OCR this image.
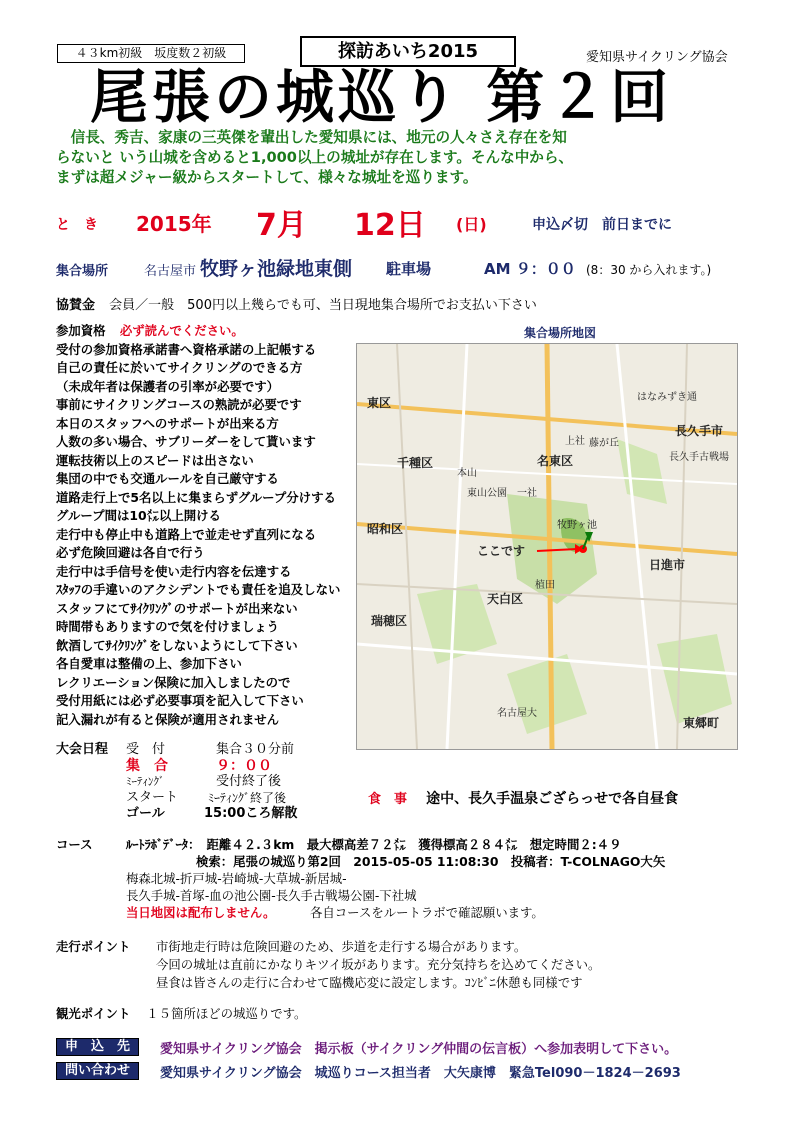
４３km初級　坂度数２初級	探訪あいち2015	愛知県サイクリング協会
尾張の城巡り 第２回
　信長、秀吉、家康の三英傑を輩出した愛知県には、地元の人々さえ存在を知
らないと いう山城を含めると1,000以上の城址が存在します。そんな中から、
まずは超メジャー級からスタートして、様々な城址を巡ります。
と　き 2015年 7月 12日 (日)	申込〆切　前日までに
集合場所	名古屋市 牧野ヶ池緑地東側 駐車場	AM ９：００ (8：30 から入れます。)
協賛金 会員／一般　500円以上幾らでも可、当日現地集合場所でお支払い下さい
参加資格 必ず読んでください。
受付の参加資格承諾書へ資格承諾の上記帳する
自己の責任に於いてサイクリングのできる方
（未成年者は保護者の引率が必要です）
事前にサイクリングコースの熟読が必要です
本日のスタッフへのサポートが出来る方
人数の多い場合、サブリーダーをして貰います
運転技術以上のスピードは出さない
集団の中でも交通ルールを自己厳守する
道路走行上で5名以上に集まらずグループ分けする
グループ間は10㍍以上開ける
走行中も停止中も道路上で並走せず直列になる
必ず危険回避は各自で行う
走行中は手信号を使い走行内容を伝達する
ｽﾀｯﾌの手違いのアクシデントでも責任を追及しない
スタッフにてｻｲｸﾘﾝｸﾞのサポートが出来ない
時間帯もありますので気を付けましょう
飲酒してｻｲｸﾘﾝｸﾞをしないようにして下さい
各自愛車は整備の上、参加下さい
レクリエーション保険に加入しましたので
受付用紙には必ず必要事項を記入して下さい
記入漏れが有ると保険が適用されません
集合場所地図
ここです
東区
千種区	名東区
長久手市
昭和区
日進市
天白区
瑞穂区
東郷町
はなみずき通
長久手古戦場
東山公園
名古屋大
上社
本山
一社
植田
藤が丘
牧野ヶ池
大会日程 受　付	集合３０分前
集　合	９：００
ﾐｰﾃｨﾝｸﾞ	受付終了後
スタート ﾐｰﾃｨﾝｸﾞ終了後
ゴール	15:00ころ解散
食　事 途中、長久手温泉ござらっせで各自昼食
コース	ﾙｰﾄﾗﾎﾞﾃﾞｰﾀ：　距離４２.３km　最大標高差７２㍍　獲得標高２８４㍍　想定時間２:４９
検索：尾張の城巡り第2回　2015-05-05 11:08:30　投稿者：T-COLNAGO大矢
梅森北城-折戸城-岩崎城-大草城-新居城-
長久手城-首塚-血の池公園-長久手古戦場公園-下社城
当日地図は配布しません。	各自コースをルートラボで確認願います。
走行ポイント 市街地走行時は危険回避のため、歩道を走行する場合があります。
今回の城址は直前にかなりキツイ坂があります。充分気持ちを込めてください。
昼食は皆さんの走行に合わせて臨機応変に設定します。ｺﾝﾋﾞﾆ休憩も同様です
観光ポイント １５箇所ほどの城巡りです。
申　込　先	愛知県サイクリング協会　掲示板（サイクリング仲間の伝言板）へ参加表明して下さい。
問い合わせ	愛知県サイクリング協会　城巡りコース担当者　大矢康博　緊急Tel090－1824－2693
